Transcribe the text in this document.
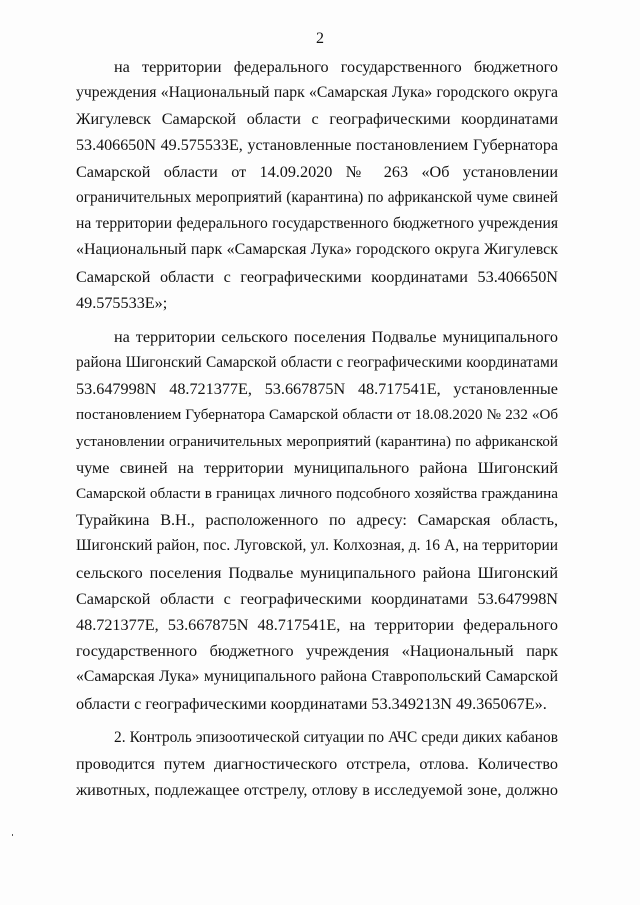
2
на территории федерального государственного бюджетного
учреждения «Национальный парк «Самарская Лука» городского округа
Жигулевск Самарской области с географическими координатами
53.406650N 49.575533E, установленные постановлением Губернатора
Самарской области от 14.09.2020 № 263 «Об установлении
ограничительных мероприятий (карантина) по африканской чуме свиней
на территории федерального государственного бюджетного учреждения
«Национальный парк «Самарская Лука» городского округа Жигулевск
Самарской области с географическими координатами 53.406650N
49.575533E»;
на территории сельского поселения Подвалье муниципального
района Шигонский Самарской области с географическими координатами
53.647998N 48.721377E, 53.667875N 48.717541E, установленные
постановлением Губернатора Самарской области от 18.08.2020 № 232 «Об
установлении ограничительных мероприятий (карантина) по африканской
чуме свиней на территории муниципального района Шигонский
Самарской области в границах личного подсобного хозяйства гражданина
Турайкина В.Н., расположенного по адресу: Самарская область,
Шигонский район, пос. Луговской, ул. Колхозная, д. 16 А, на территории
сельского поселения Подвалье муниципального района Шигонский
Самарской области с географическими координатами 53.647998N
48.721377E, 53.667875N 48.717541E, на территории федерального
государственного бюджетного учреждения «Национальный парк
«Самарская Лука» муниципального района Ставропольский Самарской
области с географическими координатами 53.349213N 49.365067E».
2. Контроль эпизоотической ситуации по АЧС среди диких кабанов
проводится путем диагностического отстрела, отлова. Количество
животных, подлежащее отстрелу, отлову в исследуемой зоне, должно
